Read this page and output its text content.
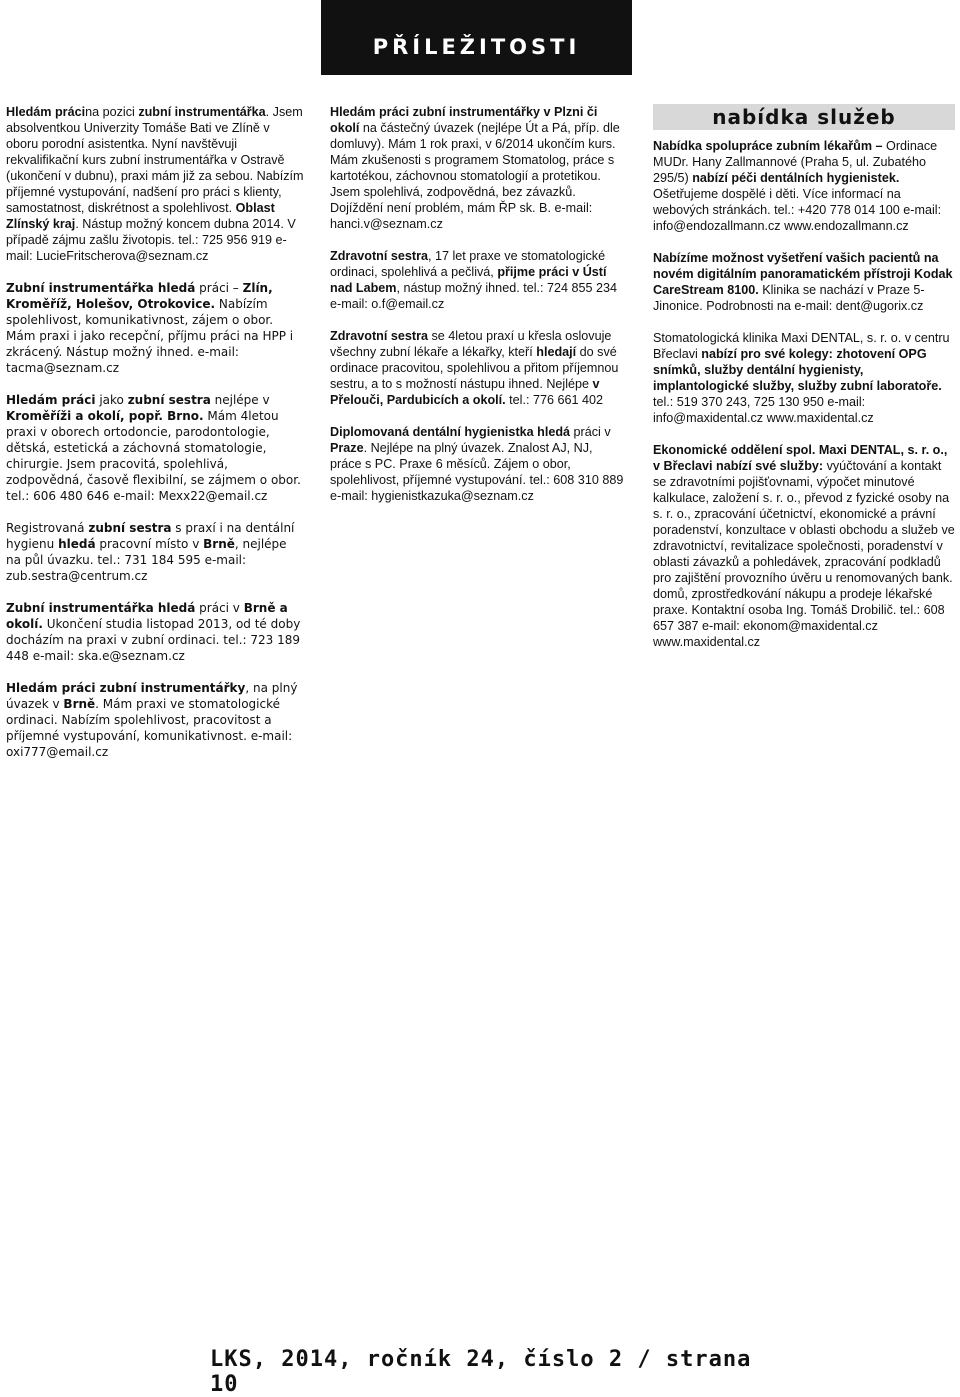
PŘÍLEŽITOSTI

Hledám prácina pozici zubní instrumentářka. Jsem absolventkou Univerzity Tomáše Bati ve Zlíně v oboru porodní asistentka. Nyní navštěvuji rekvalifikační kurs zubní instrumentářka v Ostravě (ukončení v dubnu), praxi mám již za sebou. Nabízím příjemné vystupování, nadšení pro práci s klienty, samostatnost, diskrétnost a spolehlivost. Oblast Zlínský kraj. Nástup možný koncem dubna 2014. V případě zájmu zašlu životopis. tel.: 725 956 919 e-mail: LucieFritscherova@seznam.cz

Zubní instrumentářka hledá práci – Zlín, Kroměříž, Holešov, Otrokovice. Nabízím spolehlivost, komunikativnost, zájem o obor. Mám praxi i jako recepční, příjmu práci na HPP i zkrácený. Nástup možný ihned. e-mail: tacma@seznam.cz

Hledám práci jako zubní sestra nejlépe v Kroměříži a okolí, popř. Brno. Mám 4letou praxi v oborech ortodoncie, parodontologie, dětská, estetická a záchovná stomatologie, chirurgie. Jsem pracovitá, spolehlivá, zodpovědná, časově flexibilní, se zájmem o obor. tel.: 606 480 646 e-mail: Mexx22@email.cz

Registrovaná zubní sestra s praxí i na dentální hygienu hledá pracovní místo v Brně, nejlépe na půl úvazku. tel.: 731 184 595 e-mail: zub.sestra@centrum.cz

Zubní instrumentářka hledá práci v Brně a okolí. Ukončení studia listopad 2013, od té doby docházím na praxi v zubní ordinaci. tel.: 723 189 448 e-mail: ska.e@seznam.cz

Hledám práci zubní instrumentářky, na plný úvazek v Brně. Mám praxi ve stomatologické ordinaci. Nabízím spolehlivost, pracovitost a příjemné vystupování, komunikativnost. e-mail: oxi777@email.cz

Hledám práci zubní instrumentářky v Plzni či okolí na částečný úvazek (nejlépe Út a Pá, příp. dle domluvy). Mám 1 rok praxi, v 6/2014 ukončím kurs. Mám zkušenosti s programem Stomatolog, práce s kartotékou, záchovnou stomatologií a protetikou. Jsem spolehlivá, zodpovědná, bez závazků. Dojíždění není problém, mám ŘP sk. B. e-mail: hanci.v@seznam.cz

Zdravotní sestra, 17 let praxe ve stomatologické ordinaci, spolehlivá a pečlivá, přijme práci v Ústí nad Labem, nástup možný ihned. tel.: 724 855 234 e-mail: o.f@email.cz

Zdravotní sestra se 4letou praxí u křesla oslovuje všechny zubní lékaře a lékařky, kteří hledají do své ordinace pracovitou, spolehlivou a přitom příjemnou sestru, a to s možností nástupu ihned. Nejlépe v Přelouči, Pardubicích a okolí. tel.: 776 661 402

Diplomovaná dentální hygienistka hledá práci v Praze. Nejlépe na plný úvazek. Znalost AJ, NJ, práce s PC. Praxe 6 měsíců. Zájem o obor, spolehlivost, příjemné vystupování. tel.: 608 310 889 e-mail: hygienistkazuka@seznam.cz

nabídka služeb

Nabídka spolupráce zubním lékařům – Ordinace MUDr. Hany Zallmannové (Praha 5, ul. Zubatého 295/5) nabízí péči dentálních hygienistek. Ošetřujeme dospělé i děti. Více informací na webových stránkách. tel.: +420 778 014 100 e-mail: info@endozallmann.cz www.endozallmann.cz

Nabízíme možnost vyšetření vašich pacientů na novém digitálním panoramatickém přístroji Kodak CareStream 8100. Klinika se nachází v Praze 5-Jinonice. Podrobnosti na e-mail: dent@ugorix.cz

Stomatologická klinika Maxi DENTAL, s. r. o. v centru Břeclavi nabízí pro své kolegy: zhotovení OPG snímků, služby dentální hygienisty, implantologické služby, služby zubní laboratoře. tel.: 519 370 243, 725 130 950 e-mail: info@maxidental.cz www.maxidental.cz

Ekonomické oddělení spol. Maxi DENTAL, s. r. o., v Břeclavi nabízí své služby: vyúčtování a kontakt se zdravotními pojišťovnami, výpočet minutové kalkulace, založení s. r. o., převod z fyzické osoby na s. r. o., zpracování účetnictví, ekonomické a právní poradenství, konzultace v oblasti obchodu a služeb ve zdravotnictví, revitalizace společnosti, poradenství v oblasti závazků a pohledávek, zpracování podkladů pro zajištění provozního úvěru u renomovaných bank. domů, zprostředkování nákupu a prodeje lékařské praxe. Kontaktní osoba Ing. Tomáš Drobilič. tel.: 608 657 387 e-mail: ekonom@maxidental.cz www.maxidental.cz

LKS, 2014, ročník 24, číslo 2 / strana 10
